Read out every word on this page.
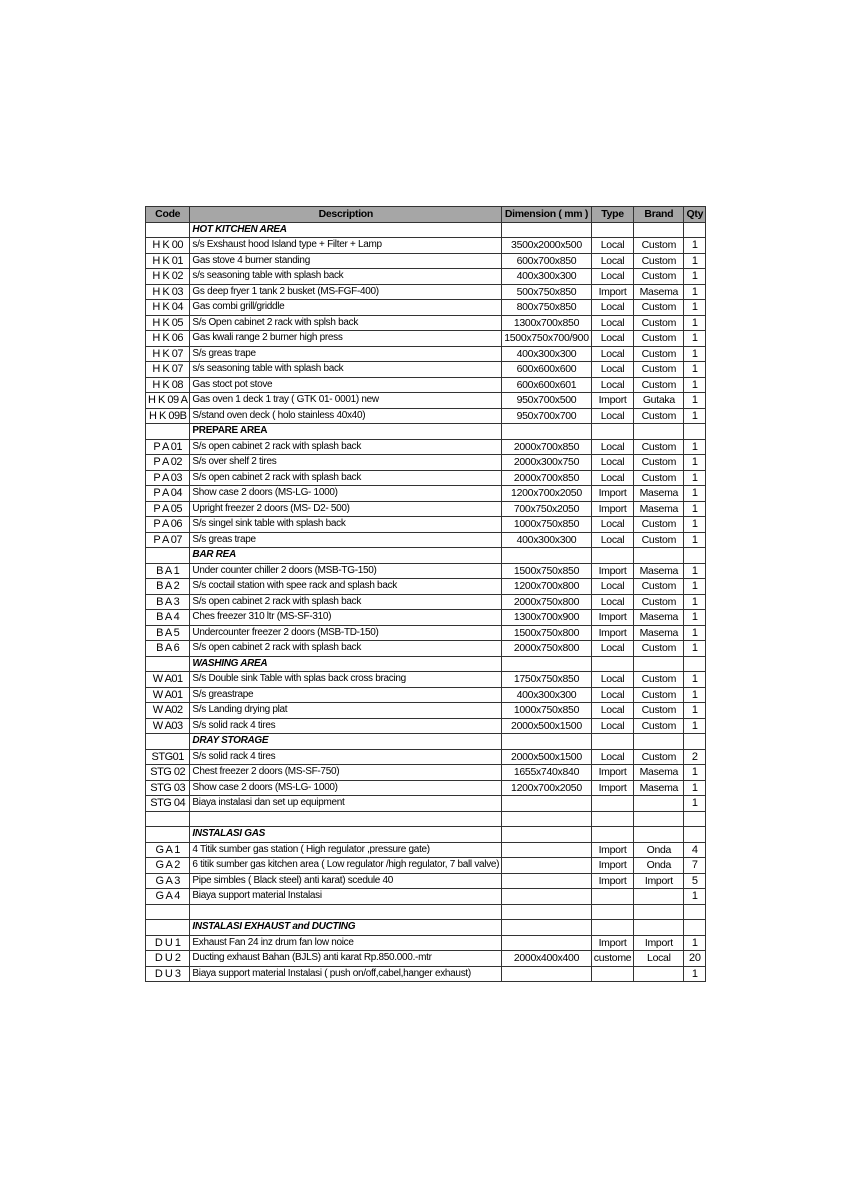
Code	Description	Dimension ( mm )	Type	Brand	Qty
	HOT KITCHEN AREA				
H K 00	s/s Exshaust hood Island type + Filter + Lamp	3500x2000x500	Local	Custom	1
H K 01	Gas stove 4 burner standing	600x700x850	Local	Custom	1
H K 02	s/s seasoning table with splash back	400x300x300	Local	Custom	1
H K 03	Gs deep fryer 1 tank 2 busket (MS-FGF-400)	500x750x850	Import	Masema	1
H K 04	Gas combi grill/griddle	800x750x850	Local	Custom	1
H K 05	S/s Open cabinet 2 rack with splsh back	1300x700x850	Local	Custom	1
H K 06	Gas kwali range 2 burner high press	1500x750x700/900	Local	Custom	1
H K 07	S/s greas trape	400x300x300	Local	Custom	1
H K 07	s/s seasoning table with splash back	600x600x600	Local	Custom	1
H K 08	Gas stoct pot stove	600x600x601	Local	Custom	1
H K 09 A	Gas oven 1 deck 1 tray ( GTK 01- 0001) new	950x700x500	Import	Gutaka	1
H K 09B	S/stand oven deck ( holo stainless 40x40)	950x700x700	Local	Custom	1
	PREPARE AREA				
P A 01	S/s open cabinet 2 rack with splash back	2000x700x850	Local	Custom	1
P A 02	S/s over shelf 2 tires	2000x300x750	Local	Custom	1
P A 03	S/s open cabinet 2 rack with splash back	2000x700x850	Local	Custom	1
P A 04	Show case 2 doors (MS-LG- 1000)	1200x700x2050	Import	Masema	1
P A 05	Upright freezer 2 doors (MS- D2- 500)	700x750x2050	Import	Masema	1
P A 06	S/s singel sink table with splash back	1000x750x850	Local	Custom	1
P A 07	S/s greas trape	400x300x300	Local	Custom	1
	BAR REA				
B A 1	Under counter chiller 2 doors (MSB-TG-150)	1500x750x850	Import	Masema	1
B A 2	S/s coctail station with spee rack and splash back	1200x700x800	Local	Custom	1
B A 3	S/s open cabinet 2 rack with splash back	2000x750x800	Local	Custom	1
B A 4	Ches freezer 310 ltr (MS-SF-310)	1300x700x900	Import	Masema	1
B A 5	Undercounter freezer 2 doors (MSB-TD-150)	1500x750x800	Import	Masema	1
B A 6	S/s open cabinet 2 rack with splash back	2000x750x800	Local	Custom	1
	WASHING AREA				
W A01	S/s Double sink Table with splas back cross bracing	1750x750x850	Local	Custom	1
W A01	S/s greastrape	400x300x300	Local	Custom	1
W A02	S/s Landing drying plat	1000x750x850	Local	Custom	1
W A03	S/s solid rack 4 tires	2000x500x1500	Local	Custom	1
	DRAY STORAGE				
STG01	S/s solid rack 4 tires	2000x500x1500	Local	Custom	2
STG 02	Chest freezer 2 doors (MS-SF-750)	1655x740x840	Import	Masema	1
STG 03	Show case 2 doors (MS-LG- 1000)	1200x700x2050	Import	Masema	1
STG 04	Biaya instalasi dan set up equipment				1

	INSTALASI GAS				
G A 1	4 Titik sumber gas station ( High regulator ,pressure gate)		Import	Onda	4
G A 2	6 titik sumber gas kitchen area ( Low regulator /high regulator, 7 ball valve)		Import	Onda	7
G A 3	Pipe simbles ( Black steel) anti karat) scedule 40		Import	Import	5
G A 4	Biaya support material Instalasi				1

	INSTALASI EXHAUST and DUCTING				
D U 1	Exhaust Fan 24 inz drum fan low noice		Import	Import	1
D U 2	Ducting exhaust Bahan (BJLS) anti karat Rp.850.000.-mtr	2000x400x400	custome	Local	20
D U 3	Biaya support material Instalasi ( push on/off,cabel,hanger exhaust)				1
